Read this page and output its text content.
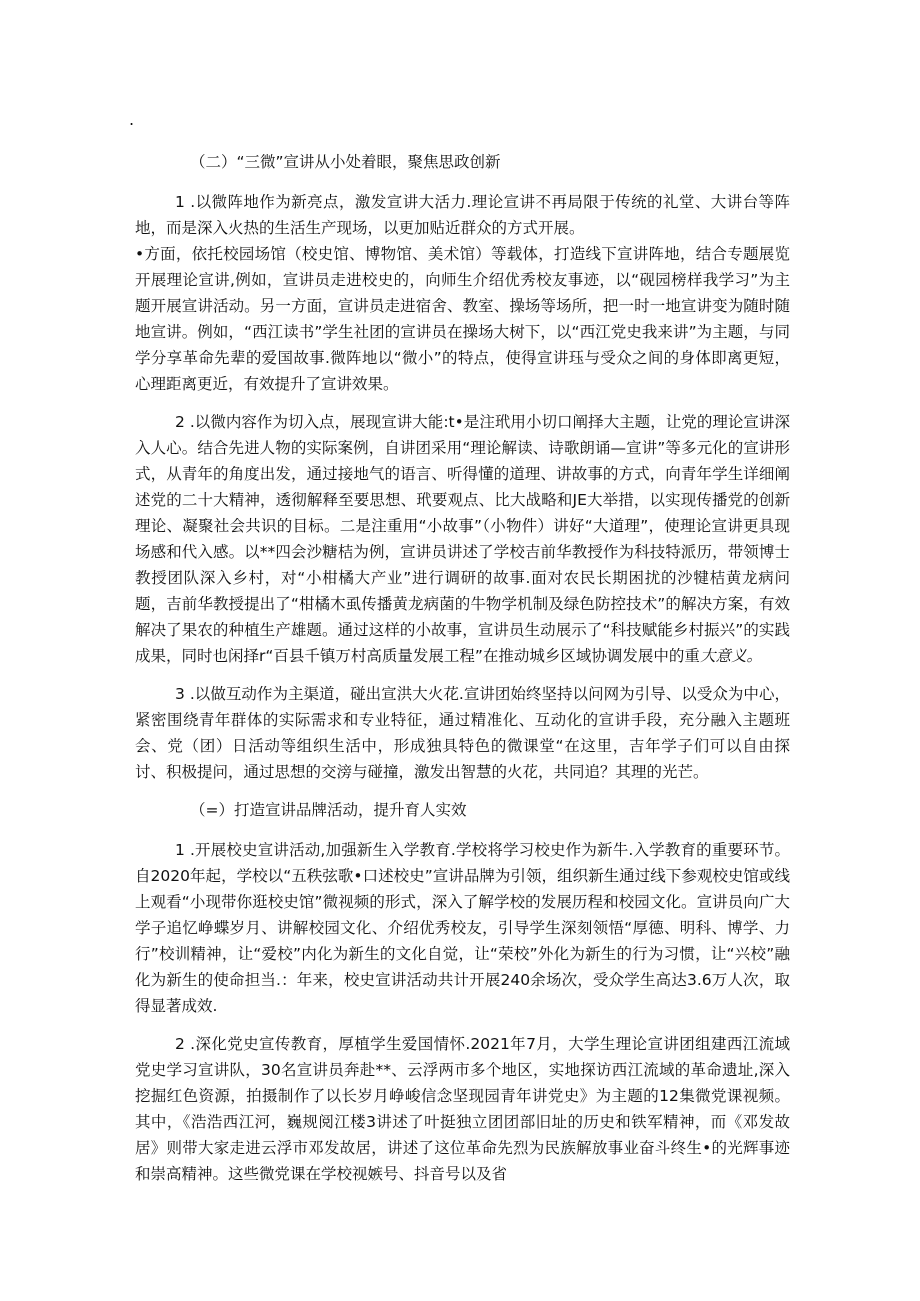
.

（二）“三微”宣讲从小处着眼，聚焦思政创新

1 .以微阵地作为新亮点，激发宣讲大活力.理论宣讲不再局限于传统的礼堂、大讲台等阵地，而是深入火热的生活生产现场，以更加贴近群众的方式开展。

•方面，依托校园场馆（校史馆、博物馆、美术馆）等载体，打造线下宣讲阵地，结合专题展览开展理论宣讲,例如，宣讲员走进校史的，向师生介绍优秀校友事迹，以“砚园榜样我学习”为主题开展宣讲活动。另一方面，宣讲员走进宿舍、教室、操场等场所，把一时一地宣讲变为随时随地宣讲。例如，“西江读书”学生社团的宣讲员在操场大树下，以“西江党史我来讲”为主题，与同学分享革命先辈的爱国故事.微阵地以“微小”的特点，使得宣讲珏与受众之间的身体即离更短，心理距离更近，有效提升了宣讲效果。

2 .以微内容作为切入点，展现宣讲大能:t•是注玳用小切口阐择大主题，让党的理论宣讲深入人心。结合先进人物的实际案例，自讲团采用“理论解读、诗歌朗诵—宣讲”等多元化的宣讲形式，从青年的角度出发，通过接地气的语言、听得懂的道理、讲故事的方式，向青年学生详细阐述党的二十大精神，透彻解释至要思想、玳要观点、比大战略和JE大举措，以实现传播党的创新理论、凝聚社会共识的目标。二是注重用“小故事”（小物件）讲好“大道理”，使理论宣讲更具现场感和代入感。以**四会沙糖桔为例，宣讲员讲述了学校吉前华教授作为科技特派历，带领博士教授团队深入乡村，对“小柑橘大产业”进行调研的故事.面对农民长期困扰的沙犍桔黄龙病问题，吉前华教授提出了“柑橘木虱传播黄龙病菌的牛物学机制及绿色防控技术”的解决方案，有效解决了果农的种植生产雄题。通过这样的小故事，宣讲员生动展示了“科技赋能乡村振兴”的实践成果，同时也闲择r“百县千镇万村高质量发展工程”在推动城乡区域协调发展中的重大意义。

3 .以做互动作为主渠道，碰出宣洪大火花.宣讲团始终坚持以问网为引导、以受众为中心，紧密围绕青年群体的实际需求和专业特征，通过精准化、互动化的宣讲手段，充分融入主题班会、党（团）日活动等组织生活中，形成独具特色的微课堂“在这里，吉年学子们可以自由探讨、积极提问，通过思想的交滂与碰撞，激发出智慧的火花，共同追？其理的光芒。

（=）打造宣讲品牌活动，提升育人实效

1 .开展校史宣讲活动,加强新生入学教育.学校将学习校史作为新牛.入学教育的重要环节。自2020年起，学校以“五秩弦歌•口述校史”宣讲品牌为引领，组织新生通过线下参观校史馆或线上观看“小现带你逛校史馆”微视频的形式，深入了解学校的发展历程和校园文化。宣讲员向广大学子追忆峥蝶岁月、讲解校园文化、介绍优秀校友，引导学生深刻领悟“厚德、明科、博学、力行”校训精神，让“爱校”内化为新生的文化自觉，让“荣校”外化为新生的行为习惯，让“兴校”融化为新生的使命担当.：年来，校史宣讲活动共计开展240余场次，受众学生高达3.6万人次，取得显著成效.

2 .深化党史宣传教育，厚植学生爱国情怀.2021年7月，大学生理论宣讲团组建西江流域党史学习宣讲队，30名宣讲员奔赴**、云浮两市多个地区，实地探访西江流域的革命遗址,深入挖掘红色资源，拍摄制作了以长岁月峥峻信念坚现园青年讲党史》为主题的12集微党课视频。其中，《浩浩西江河，巍规阅江楼3讲述了叶挺独立团团部旧址的历史和铁军精神，而《邓发故居》则带大家走进云浮市邓发故居，讲述了这位革命先烈为民族解放事业奋斗终生•的光辉事迹和崇高精神。这些微党课在学校视嫉号、抖音号以及省
